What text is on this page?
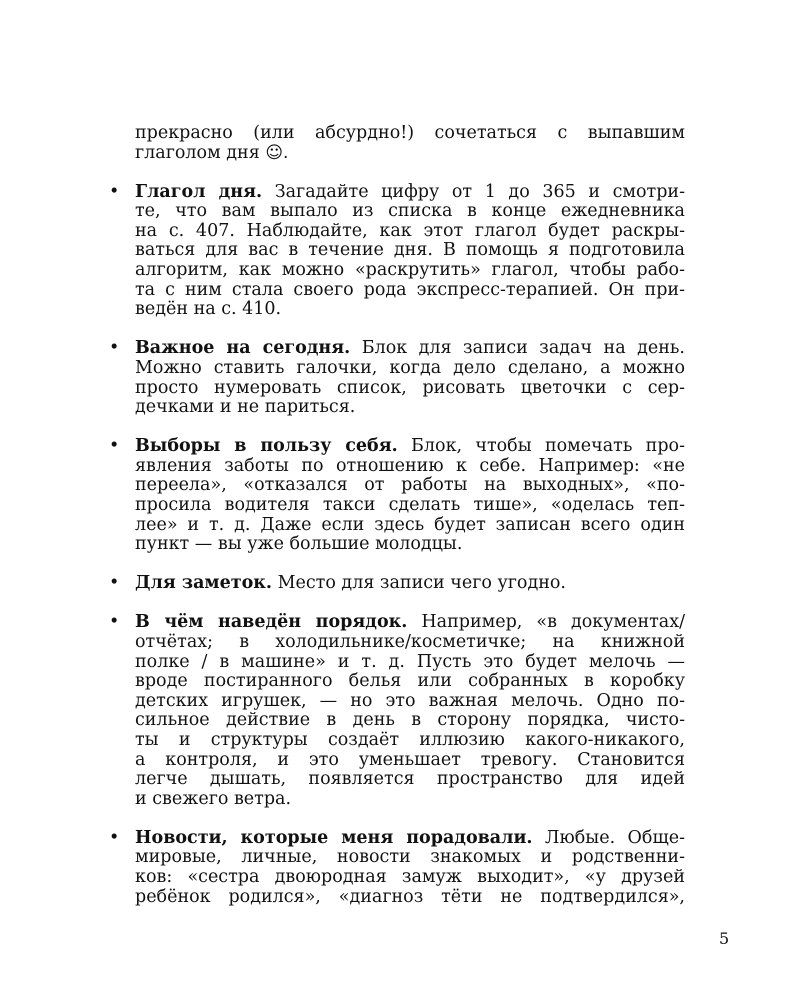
прекрасно (или абсурдно!) сочетаться с выпавшим
глаголом дня ☺.
• Глагол дня. Загадайте цифру от 1 до 365 и смотри-
те, что вам выпало из списка в конце ежедневника
на с. 407. Наблюдайте, как этот глагол будет раскры-
ваться для вас в течение дня. В помощь я подготовила
алгоритм, как можно «раскрутить» глагол, чтобы рабо-
та с ним стала своего рода экспресс-терапией. Он при-
ведён на с. 410.
• Важное на сегодня. Блок для записи задач на день.
Можно ставить галочки, когда дело сделано, а можно
просто нумеровать список, рисовать цветочки с сер-
дечками и не париться.
• Выборы в пользу себя. Блок, чтобы помечать про-
явления заботы по отношению к себе. Например: «не
переела», «отказался от работы на выходных», «по-
просила водителя такси сделать тише», «оделась теп-
лее» и т. д. Даже если здесь будет записан всего один
пункт — вы уже большие молодцы.
• Для заметок. Место для записи чего угодно.
• В чём наведён порядок. Например, «в документах/
отчётах; в холодильнике/косметичке; на книжной
полке / в машине» и т. д. Пусть это будет мелочь —
вроде постиранного белья или собранных в коробку
детских игрушек, — но это важная мелочь. Одно по-
сильное действие в день в сторону порядка, чисто-
ты и структуры создаёт иллюзию какого-никакого,
а контроля, и это уменьшает тревогу. Становится
легче дышать, появляется пространство для идей
и свежего ветра.
• Новости, которые меня порадовали. Любые. Обще-
мировые, личные, новости знакомых и родственни-
ков: «сестра двоюродная замуж выходит», «у друзей
ребёнок родился», «диагноз тёти не подтвердился»,
5
